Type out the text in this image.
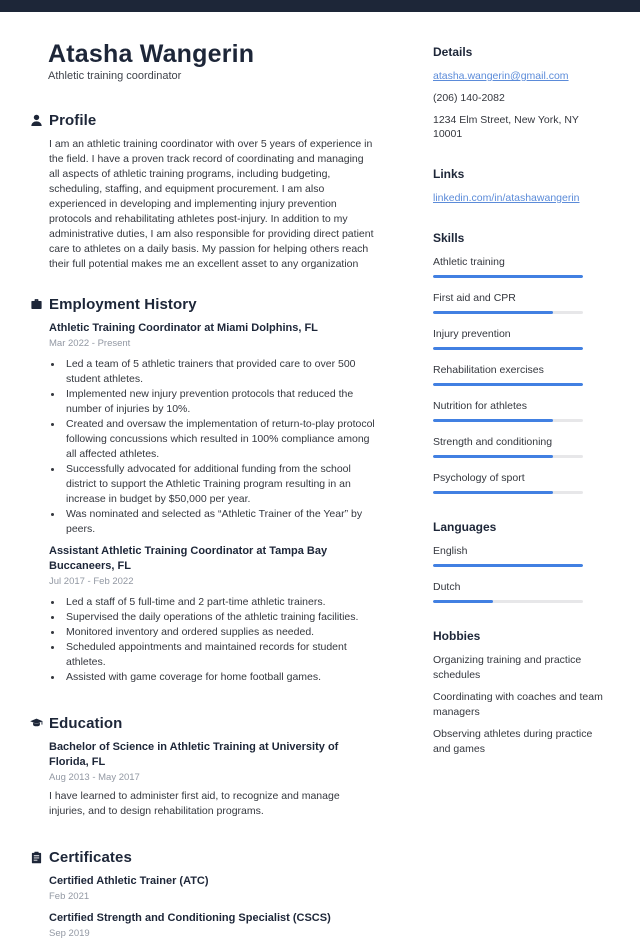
Atasha Wangerin
Athletic training coordinator
Profile

I am an athletic training coordinator with over 5 years of experience in the field. I have a proven track record of coordinating and managing all aspects of athletic training programs, including budgeting, scheduling, staffing, and equipment procurement. I am also experienced in developing and implementing injury prevention protocols and rehabilitating athletes post-injury. In addition to my administrative duties, I am also responsible for providing direct patient care to athletes on a daily basis. My passion for helping others reach their full potential makes me an excellent asset to any organization

Employment History
Athletic Training Coordinator at Miami Dolphins, FL
Mar 2022 - Present
• Led a team of 5 athletic trainers that provided care to over 500 student athletes.
• Implemented new injury prevention protocols that reduced the number of injuries by 10%.
• Created and oversaw the implementation of return-to-play protocol following concussions which resulted in 100% compliance among all affected athletes.
• Successfully advocated for additional funding from the school district to support the Athletic Training program resulting in an increase in budget by $50,000 per year.
• Was nominated and selected as “Athletic Trainer of the Year” by peers.
Assistant Athletic Training Coordinator at Tampa Bay Buccaneers, FL
Jul 2017 - Feb 2022
• Led a staff of 5 full-time and 2 part-time athletic trainers.
• Supervised the daily operations of the athletic training facilities.
• Monitored inventory and ordered supplies as needed.
• Scheduled appointments and maintained records for student athletes.
• Assisted with game coverage for home football games.
Education
Bachelor of Science in Athletic Training at University of Florida, FL
Aug 2013 - May 2017

I have learned to administer first aid, to recognize and manage injuries, and to design rehabilitation programs.

Certificates
Certified Athletic Trainer (ATC)
Feb 2021
Certified Strength and Conditioning Specialist (CSCS)
Sep 2019
Details
atasha.wangerin@gmail.com
(206) 140-2082
1234 Elm Street, New York, NY 10001
Links
linkedin.com/in/atashawangerin
Skills
Athletic training
First aid and CPR
Injury prevention
Rehabilitation exercises
Nutrition for athletes
Strength and conditioning
Psychology of sport
Languages
English
Dutch
Hobbies
Organizing training and practice schedules
Coordinating with coaches and team managers
Observing athletes during practice and games
